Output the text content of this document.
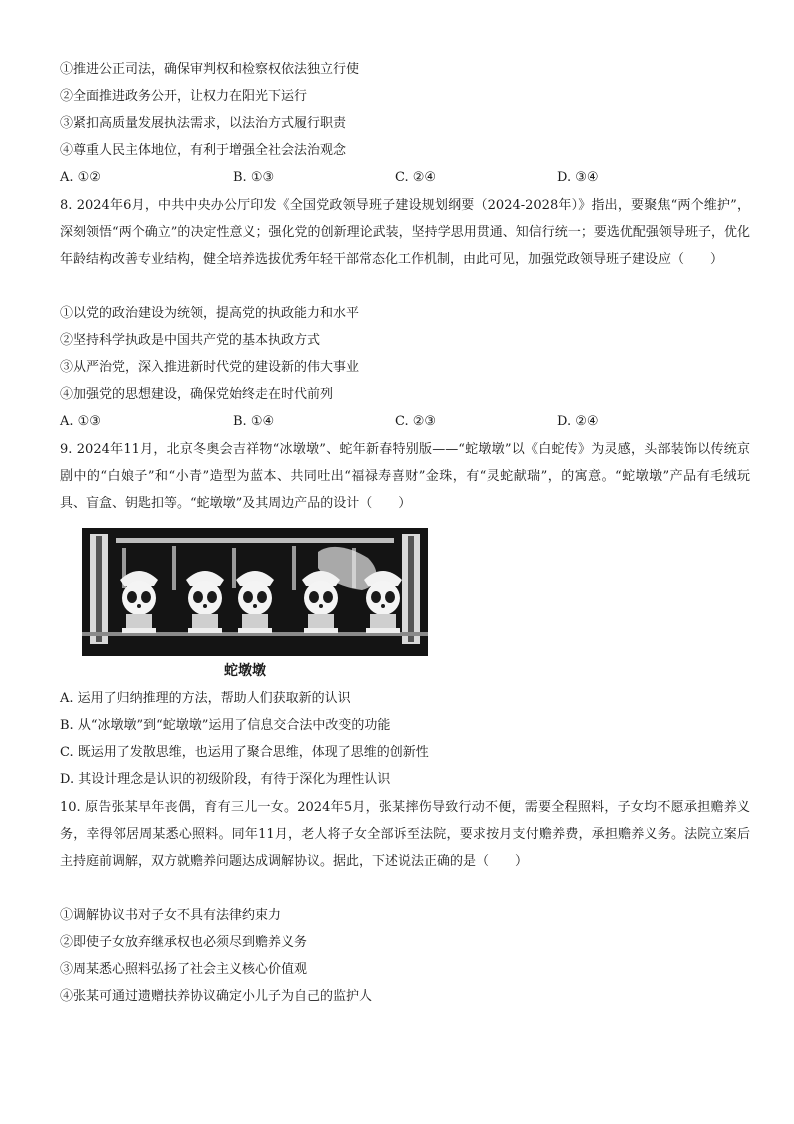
①推进公正司法，确保审判权和检察权依法独立行使
②全面推进政务公开，让权力在阳光下运行
③紧扣高质量发展执法需求，以法治方式履行职责
④尊重人民主体地位，有利于增强全社会法治观念
A. ①②	B. ①③	C. ②④	D. ③④
8. 2024年6月，中共中央办公厅印发《全国党政领导班子建设规划纲要（2024-2028年）》指出，要聚焦“两个维护”，深刻领悟“两个确立”的决定性意义；强化党的创新理论武装，坚持学思用贯通、知信行统一；要选优配强领导班子，优化年龄结构改善专业结构，健全培养选拔优秀年轻干部常态化工作机制，由此可见，加强党政领导班子建设应（　　）
①以党的政治建设为统领，提高党的执政能力和水平
②坚持科学执政是中国共产党的基本执政方式
③从严治党，深入推进新时代党的建设新的伟大事业
④加强党的思想建设，确保党始终走在时代前列
A. ①③	B. ①④	C. ②③	D. ②④
9. 2024年11月，北京冬奥会吉祥物“冰墩墩”、蛇年新春特别版——“蛇墩墩”以《白蛇传》为灵感，头部装饰以传统京剧中的“白娘子”和“小青”造型为蓝本、共同吐出“福禄寿喜财”金珠，有“灵蛇献瑞”，的寓意。“蛇墩墩”产品有毛绒玩具、盲盒、钥匙扣等。“蛇墩墩”及其周边产品的设计（　　）
蛇墩墩
A. 运用了归纳推理的方法，帮助人们获取新的认识
B. 从“冰墩墩”到“蛇墩墩”运用了信息交合法中改变的功能
C. 既运用了发散思维，也运用了聚合思维，体现了思维的创新性
D. 其设计理念是认识的初级阶段，有待于深化为理性认识
10. 原告张某早年丧偶，育有三儿一女。2024年5月，张某摔伤导致行动不便，需要全程照料，子女均不愿承担赡养义务，幸得邻居周某悉心照料。同年11月，老人将子女全部诉至法院，要求按月支付赡养费，承担赡养义务。法院立案后主持庭前调解，双方就赡养问题达成调解协议。据此，下述说法正确的是（　　）
①调解协议书对子女不具有法律约束力
②即使子女放弃继承权也必须尽到赡养义务
③周某悉心照料弘扬了社会主义核心价值观
④张某可通过遗赠扶养协议确定小儿子为自己的监护人
